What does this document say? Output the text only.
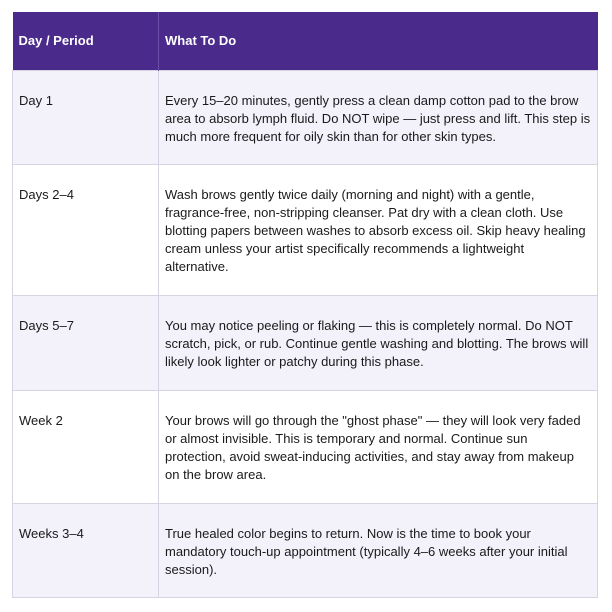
Day / Period	What To Do
Day 1	Every 15–20 minutes, gently press a clean damp cotton pad to the brow area to absorb lymph fluid. Do NOT wipe — just press and lift. This step is much more frequent for oily skin than for other skin types.
Days 2–4	Wash brows gently twice daily (morning and night) with a gentle, fragrance-free, non-stripping cleanser. Pat dry with a clean cloth. Use blotting papers between washes to absorb excess oil. Skip heavy healing cream unless your artist specifically recommends a lightweight alternative.
Days 5–7	You may notice peeling or flaking — this is completely normal. Do NOT scratch, pick, or rub. Continue gentle washing and blotting. The brows will likely look lighter or patchy during this phase.
Week 2	Your brows will go through the "ghost phase" — they will look very faded or almost invisible. This is temporary and normal. Continue sun protection, avoid sweat-inducing activities, and stay away from makeup on the brow area.
Weeks 3–4	True healed color begins to return. Now is the time to book your mandatory touch-up appointment (typically 4–6 weeks after your initial session).
